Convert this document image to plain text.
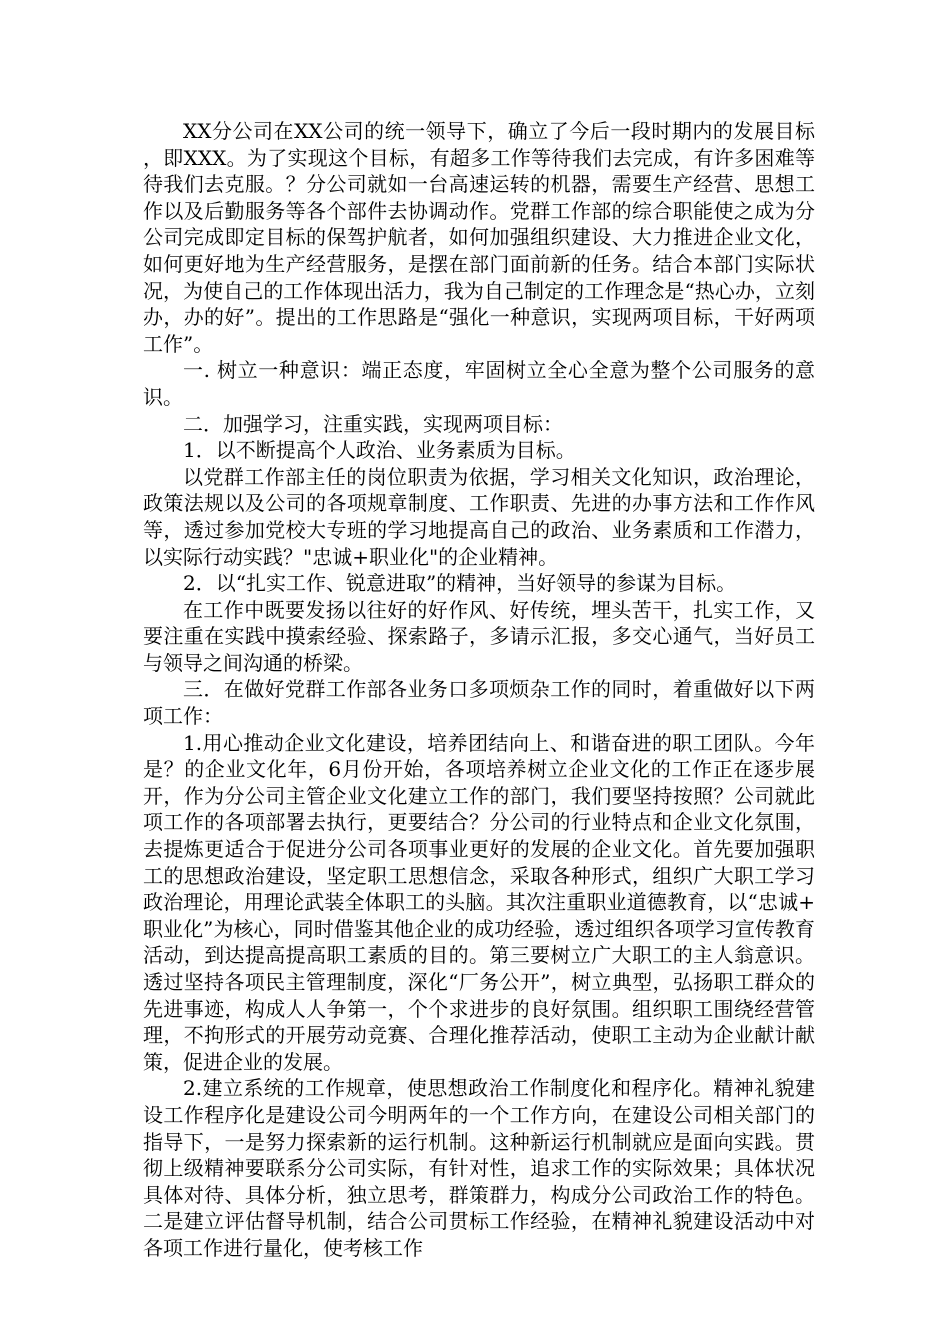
XX分公司在XX公司的统一领导下，确立了今后一段时期内的发展目标，即XXX。为了实现这个目标，有超多工作等待我们去完成，有许多困难等待我们去克服。？分公司就如一台高速运转的机器，需要生产经营、思想工作以及后勤服务等各个部件去协调动作。党群工作部的综合职能使之成为分公司完成即定目标的保驾护航者，如何加强组织建设、大力推进企业文化，如何更好地为生产经营服务，是摆在部门面前新的任务。结合本部门实际状况，为使自己的工作体现出活力，我为自己制定的工作理念是“热心办，立刻办，办的好”。提出的工作思路是“强化一种意识，实现两项目标，干好两项工作”。

一. 树立一种意识：端正态度，牢固树立全心全意为整个公司服务的意识。

二．加强学习，注重实践，实现两项目标：

1．以不断提高个人政治、业务素质为目标。

以党群工作部主任的岗位职责为依据，学习相关文化知识，政治理论，政策法规以及公司的各项规章制度、工作职责、先进的办事方法和工作作风等，透过参加党校大专班的学习地提高自己的政治、业务素质和工作潜力，以实际行动实践？"忠诚+职业化"的企业精神。

2．以“扎实工作、锐意进取”的精神，当好领导的参谋为目标。

在工作中既要发扬以往好的好作风、好传统，埋头苦干，扎实工作，又要注重在实践中摸索经验、探索路子，多请示汇报，多交心通气，当好员工与领导之间沟通的桥梁。

三．在做好党群工作部各业务口多项烦杂工作的同时，着重做好以下两项工作：

1.用心推动企业文化建设，培养团结向上、和谐奋进的职工团队。今年是？的企业文化年，6月份开始，各项培养树立企业文化的工作正在逐步展开，作为分公司主管企业文化建立工作的部门，我们要坚持按照？公司就此项工作的各项部署去执行，更要结合？分公司的行业特点和企业文化氛围，去提炼更适合于促进分公司各项事业更好的发展的企业文化。首先要加强职工的思想政治建设，坚定职工思想信念，采取各种形式，组织广大职工学习政治理论，用理论武装全体职工的头脑。其次注重职业道德教育，以“忠诚+职业化”为核心，同时借鉴其他企业的成功经验，透过组织各项学习宣传教育活动，到达提高提高职工素质的目的。第三要树立广大职工的主人翁意识。透过坚持各项民主管理制度，深化“厂务公开”，树立典型，弘扬职工群众的先进事迹，构成人人争第一，个个求进步的良好氛围。组织职工围绕经营管理，不拘形式的开展劳动竞赛、合理化推荐活动，使职工主动为企业献计献策，促进企业的发展。

2.建立系统的工作规章，使思想政治工作制度化和程序化。精神礼貌建设工作程序化是建设公司今明两年的一个工作方向，在建设公司相关部门的指导下，一是努力探索新的运行机制。这种新运行机制就应是面向实践。贯彻上级精神要联系分公司实际，有针对性，追求工作的实际效果；具体状况具体对待、具体分析，独立思考，群策群力，构成分公司政治工作的特色。二是建立评估督导机制，结合公司贯标工作经验，在精神礼貌建设活动中对各项工作进行量化，使考核工作
